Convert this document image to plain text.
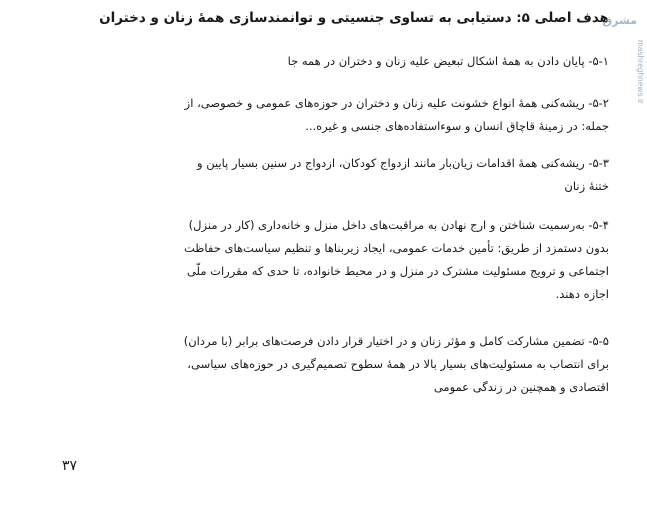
هدف اصلی ۵: دستیابی به تساوی جنسیتی و توانمندسازی همهٔ زنان و دختران
۵-۱- پایان دادن به همهٔ اشکال تبعیض علیه زنان و دختران در همه جا
۵-۲- ریشه‌کنی همهٔ انواع خشونت علیه زنان و دختران در حوزه‌های عمومی و خصوصی، از
جمله: در زمینهٔ قاچاق انسان و سوءاستفاده‌های جنسی و غیره...
۵-۳- ریشه‌کنی همهٔ اقدامات زیان‌بار مانند ازدواج کودکان، ازدواج در سنین بسیار پایین و
ختنهٔ زنان
۵-۴- به‌رسمیت شناختن و ارج نهادن به مراقبت‌های داخل منزل و خانه‌داری (کار در منزل)
بدون دستمزد از طریق: تأمین خدمات عمومی، ایجاد زیربناها و تنظیم سیاست‌های حفاظت
اجتماعی و ترویج مسئولیت مشترک در منزل و در محیط خانواده، تا حدی که مقررات ملّی
اجازه دهند.
۵-۵- تضمین مشارکت کامل و مؤثر زنان و در اختیار قرار دادن فرصت‌های برابر (با مردان)
برای انتصاب به مسئولیت‌های بسیار بالا در همهٔ سطوح تصمیم‌گیری در حوزه‌های سیاسی،
اقتصادی و همچنین در زندگی عمومی
۳۷
مشرق
mashreghnews.ir
